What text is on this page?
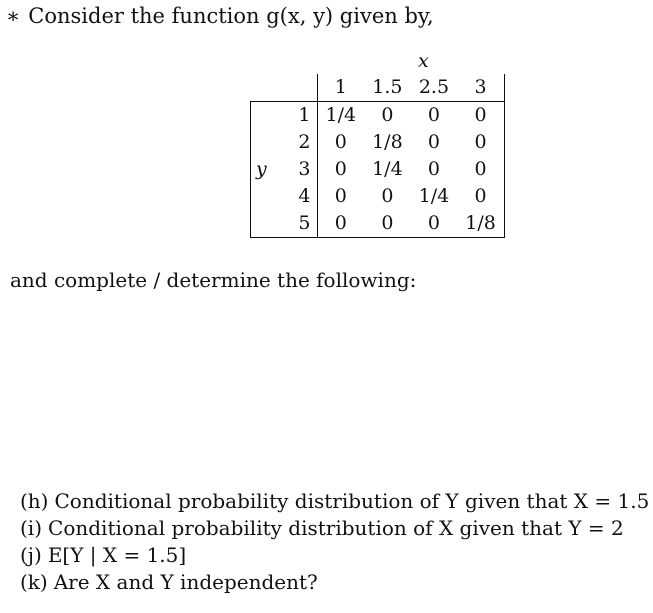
∗ Consider the function g(x, y) given by,
x
y
	1	1.5	2.5	3
1	1/4	0	0	0
2	0	1/8	0	0
3	0	1/4	0	0
4	0	0	1/4	0
5	0	0	0	1/8
and complete / determine the following:
(h) Conditional probability distribution of Y given that X = 1.5
(i) Conditional probability distribution of X given that Y = 2
(j) E[Y | X = 1.5]
(k) Are X and Y independent?
